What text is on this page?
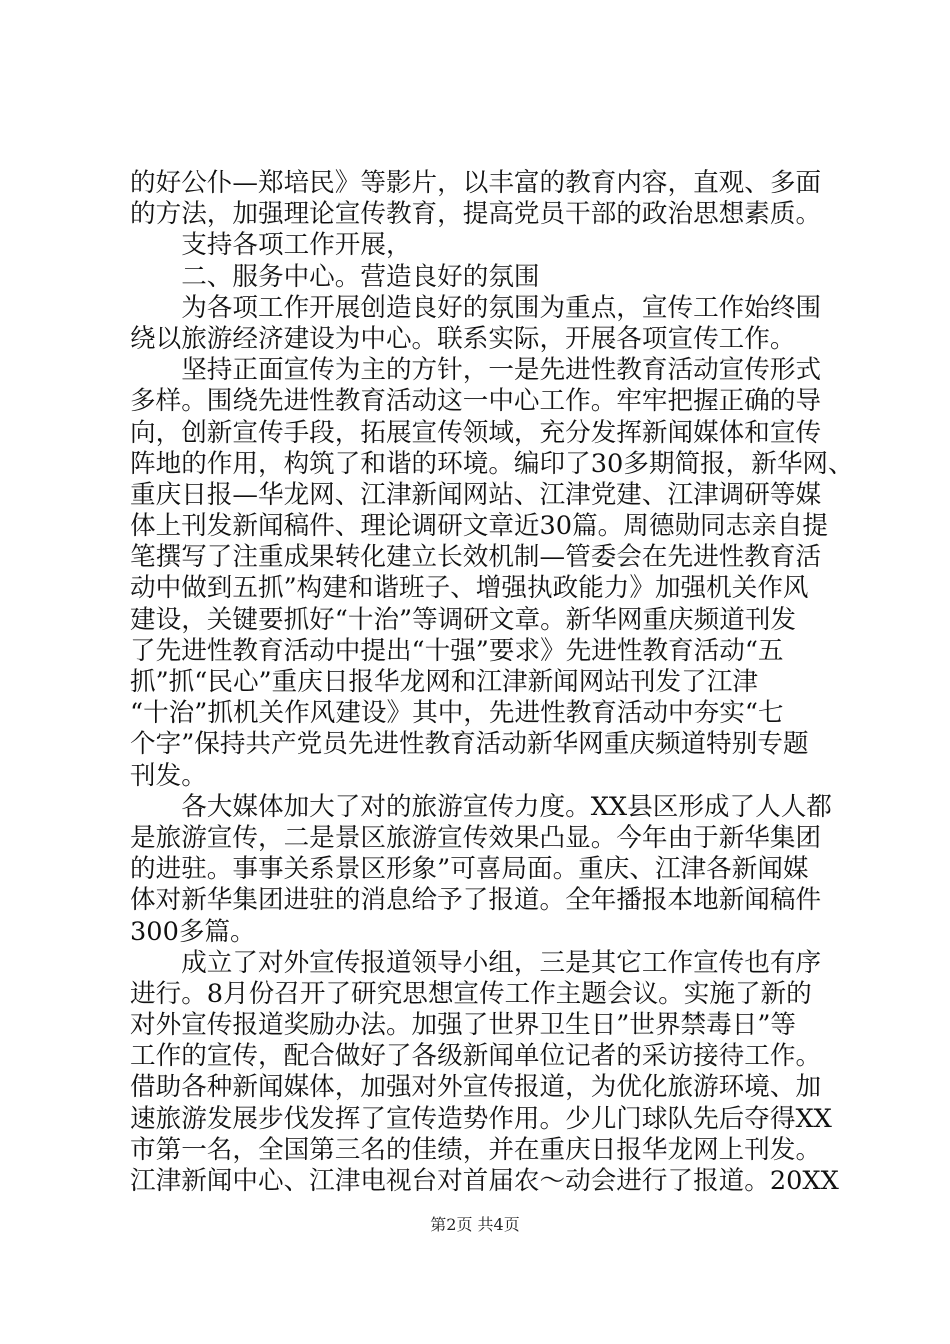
的好公仆—郑培民》等影片，以丰富的教育内容，直观、多面
的方法，加强理论宣传教育，提高党员干部的政治思想素质。
　　支持各项工作开展，
　　二、服务中心。营造良好的氛围
　　为各项工作开展创造良好的氛围为重点，宣传工作始终围
绕以旅游经济建设为中心。联系实际，开展各项宣传工作。
　　坚持正面宣传为主的方针，一是先进性教育活动宣传形式
多样。围绕先进性教育活动这一中心工作。牢牢把握正确的导
向，创新宣传手段，拓展宣传领域，充分发挥新闻媒体和宣传
阵地的作用，构筑了和谐的环境。编印了30多期简报，新华网、
重庆日报—华龙网、江津新闻网站、江津党建、江津调研等媒
体上刊发新闻稿件、理论调研文章近30篇。周德勋同志亲自提
笔撰写了注重成果转化建立长效机制—管委会在先进性教育活
动中做到五抓”构建和谐班子、增强执政能力》加强机关作风
建设，关键要抓好“十治”等调研文章。新华网重庆频道刊发
了先进性教育活动中提出“十强”要求》先进性教育活动“五
抓”抓“民心”重庆日报华龙网和江津新闻网站刊发了江津
“十治”抓机关作风建设》其中，先进性教育活动中夯实“七
个字”保持共产党员先进性教育活动新华网重庆频道特别专题
刊发。
　　各大媒体加大了对的旅游宣传力度。XX县区形成了人人都
是旅游宣传，二是景区旅游宣传效果凸显。今年由于新华集团
的进驻。事事关系景区形象”可喜局面。重庆、江津各新闻媒
体对新华集团进驻的消息给予了报道。全年播报本地新闻稿件
300多篇。
　　成立了对外宣传报道领导小组，三是其它工作宣传也有序
进行。8月份召开了研究思想宣传工作主题会议。实施了新的
对外宣传报道奖励办法。加强了世界卫生日”世界禁毒日”等
工作的宣传，配合做好了各级新闻单位记者的采访接待工作。
借助各种新闻媒体，加强对外宣传报道，为优化旅游环境、加
速旅游发展步伐发挥了宣传造势作用。少儿门球队先后夺得XX
市第一名，全国第三名的佳绩，并在重庆日报华龙网上刊发。
江津新闻中心、江津电视台对首届农～动会进行了报道。20XX
第2页 共4页
